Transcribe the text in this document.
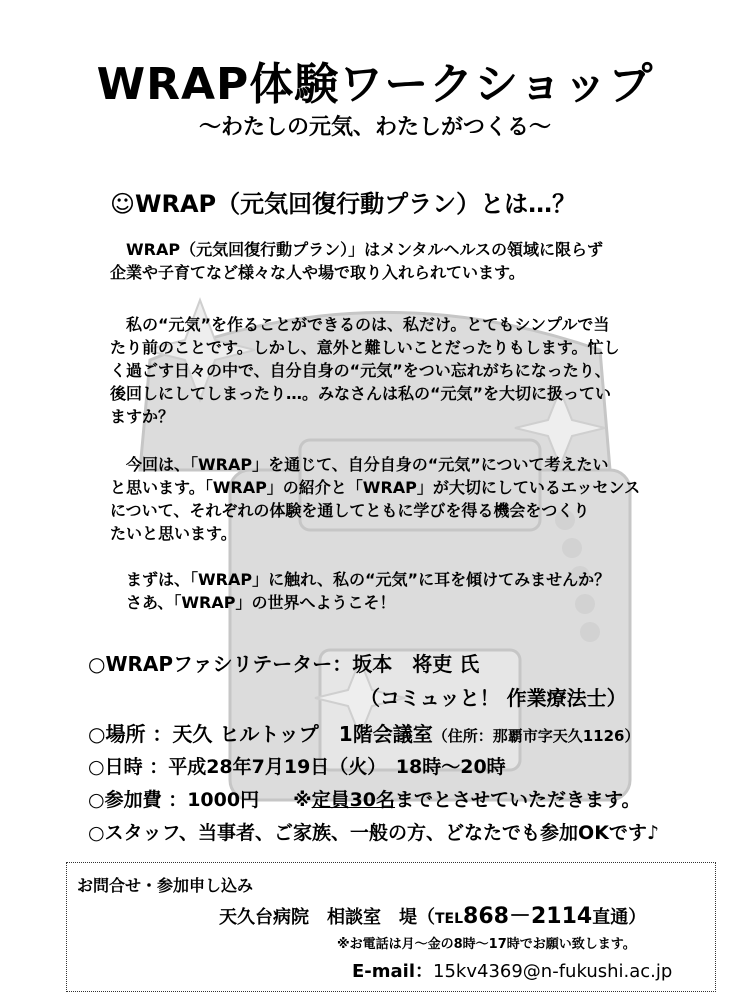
WRAP体験ワークショップ
～わたしの元気、わたしがつくる～
☺WRAP（元気回復行動プラン）とは…？

　WRAP（元気回復行動プラン）」はメンタルヘルスの領域に限らず

企業や子育てなど様々な人や場で取り入れられています。

　私の“元気”を作ることができるのは、私だけ。とてもシンプルで当

たり前のことです。しかし、意外と難しいことだったりもします。忙し

く過ごす日々の中で、自分自身の“元気”をつい忘れがちになったり、

後回しにしてしまったり…。みなさんは私の“元気”を大切に扱ってい

ますか？

　今回は、「WRAP」を通じて、自分自身の“元気”について考えたい

と思います。「WRAP」の紹介と「WRAP」が大切にしているエッセンス

について、それぞれの体験を通してともに学びを得る機会をつくり

たいと思います。

　まずは、「WRAP」に触れ、私の“元気”に耳を傾けてみませんか？

　さあ、「WRAP」の世界へようこそ！

○WRAPファシリテーター：坂本　将吏 氏
（コミュッと！ 作業療法士）
○場所 ：天久 ヒルトップ　1階会議室（住所：那覇市字天久1126）
○日時 ：平成28年7月19日（火）　18時～20時
○参加費 ：1000円 ※定員30名までとさせていただきます。
○スタッフ、当事者、ご家族、一般の方、どなたでも参加OKです♪
お問合せ・参加申し込み
天久台病院　相談室　堤（TEL868－2114直通）
※お電話は月～金の8時～17時でお願い致します。
E-mail：15kv4369@n-fukushi.ac.jp
